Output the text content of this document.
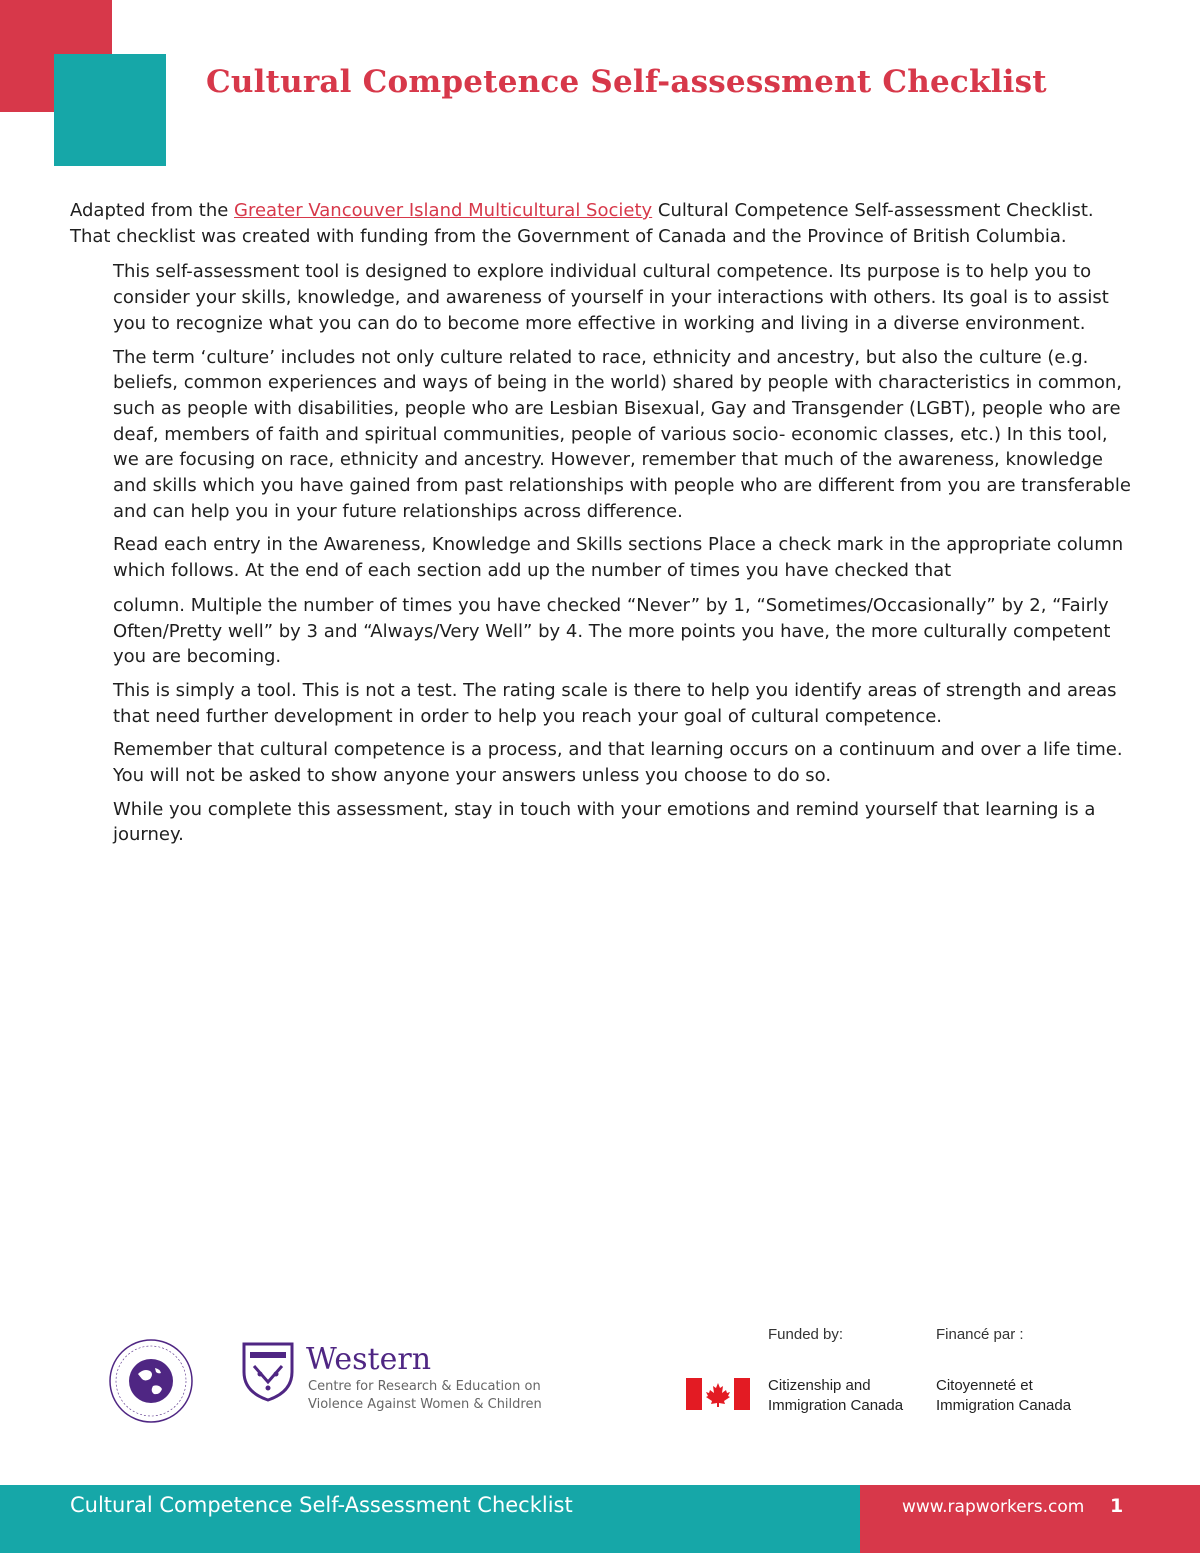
Cultural Competence Self-assessment Checklist

Adapted from the Greater Vancouver Island Multicultural Society Cultural Competence Self-assessment Checklist. That checklist was created with funding from the Government of Canada and the Province of British Columbia.

This self-assessment tool is designed to explore individual cultural competence. Its purpose is to help you to consider your skills, knowledge, and awareness of yourself in your interactions with others. Its goal is to assist you to recognize what you can do to become more effective in working and living in a diverse environment.

The term ‘culture’ includes not only culture related to race, ethnicity and ancestry, but also the culture (e.g. beliefs, common experiences and ways of being in the world) shared by people with characteristics in common, such as people with disabilities, people who are Lesbian Bisexual, Gay and Transgender (LGBT), people who are deaf, members of faith and spiritual communities, people of various socio- economic classes, etc.) In this tool, we are focusing on race, ethnicity and ancestry. However, remember that much of the awareness, knowledge and skills which you have gained from past relationships with people who are different from you are transferable and can help you in your future relationships across difference.

Read each entry in the Awareness, Knowledge and Skills sections Place a check mark in the appropriate column which follows. At the end of each section add up the number of times you have checked that

column. Multiple the number of times you have checked “Never” by 1, “Sometimes/Occasionally” by 2, “Fairly Often/Pretty well” by 3 and “Always/Very Well” by 4. The more points you have, the more culturally competent you are becoming.

This is simply a tool. This is not a test. The rating scale is there to help you identify areas of strength and areas that need further development in order to help you reach your goal of cultural competence.

Remember that cultural competence is a process, and that learning occurs on a continuum and over a life time. You will not be asked to show anyone your answers unless you choose to do so.

While you complete this assessment, stay in touch with your emotions and remind yourself that learning is a journey.

Western

Centre for Research & Education on
Violence Against Women & Children
Funded by:	Financé par :
Citizenship and
Immigration Canada
Citoyenneté et
Immigration Canada
Cultural Competence Self-Assessment Checklist	www.rapworkers.com 1
